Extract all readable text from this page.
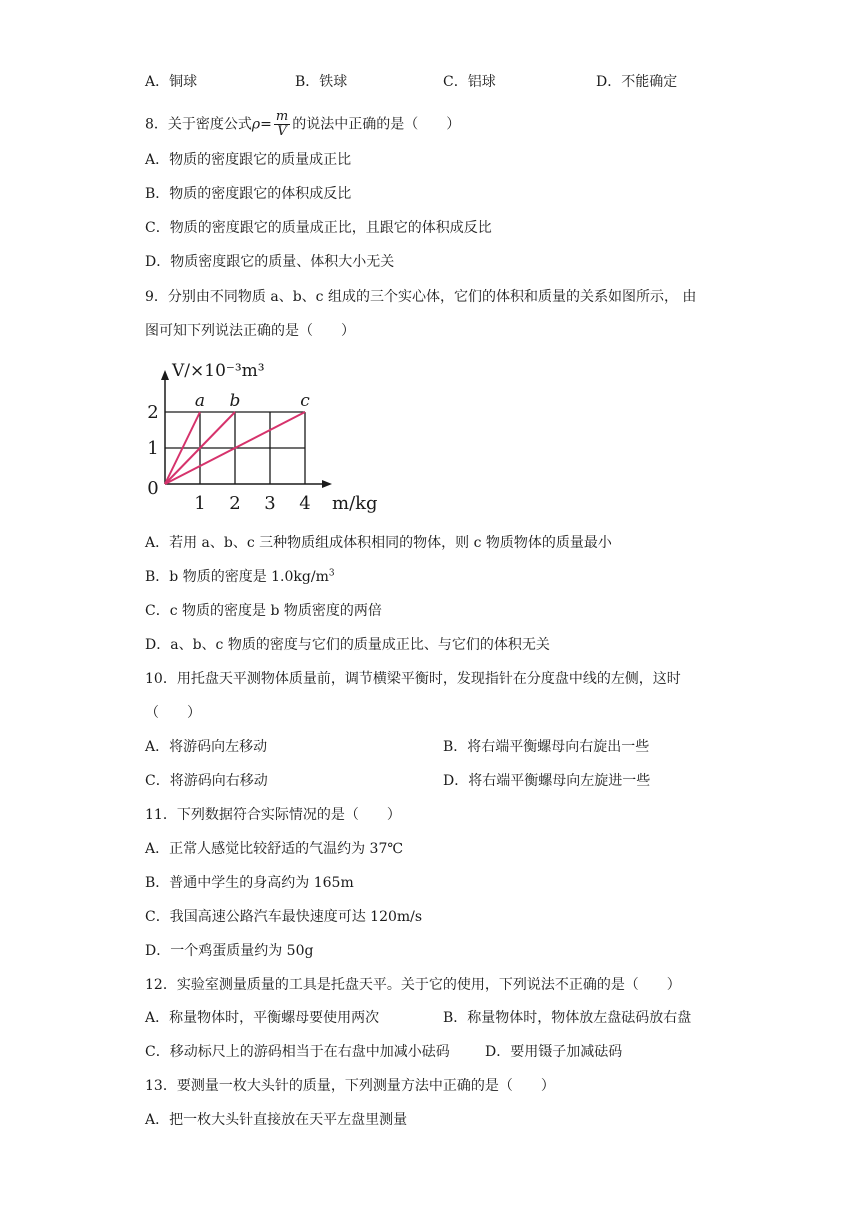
A．铜球	B．铁球	C．铝球	D．不能确定
8．关于密度公式$\rho= \frac{m}{V}$ 的说法中正确的是（　　）
A．物质的密度跟它的质量成正比
B．物质的密度跟它的体积成反比
C．物质的密度跟它的质量成正比，且跟它的体积成反比
D．物质密度跟它的质量、体积大小无关
9．分别由不同物质 a、b、c 组成的三个实心体，它们的体积和质量的关系如图所示， 由
图可知下列说法正确的是（　　）
a b	c
1 2 3 4
1
2
0
V/×10⁻³m³
m/kg
A．若用 a、b、c 三种物质组成体积相同的物体，则 c 物质物体的质量最小
B．b 物质的密度是 $1.0kg/m^3$
C．c 物质的密度是 b 物质密度的两倍
D．a、b、c 物质的密度与它们的质量成正比、与它们的体积无关
10．用托盘天平测物体质量前，调节横梁平衡时，发现指针在分度盘中线的左侧，这时
（　　）
A．将游码向左移动	B．将右端平衡螺母向右旋出一些
C．将游码向右移动	D．将右端平衡螺母向左旋进一些
11．下列数据符合实际情况的是（　　）
A．正常人感觉比较舒适的气温约为 37℃
B．普通中学生的身高约为 165m
C．我国高速公路汽车最快速度可达 120m/s
D．一个鸡蛋质量约为 50g
12．实验室测量质量的工具是托盘天平。关于它的使用，下列说法不正确的是（　　）
A．称量物体时，平衡螺母要使用两次	B．称量物体时，物体放左盘砝码放右盘
C．移动标尺上的游码相当于在右盘中加减小砝码	D．要用镊子加减砝码
13．要测量一枚大头针的质量，下列测量方法中正确的是（　　）
A．把一枚大头针直接放在天平左盘里测量
